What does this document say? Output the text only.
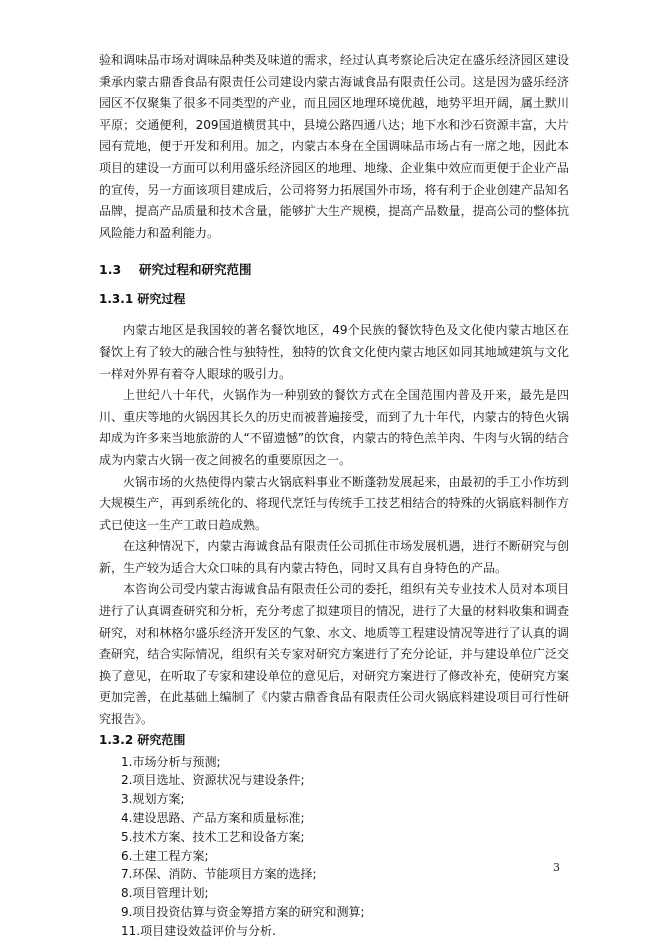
验和调味品市场对调味品种类及味道的需求，经过认真考察论后决定在盛乐经济园区建设秉承内蒙古鼎香食品有限责任公司建设内蒙古海诚食品有限责任公司。这是因为盛乐经济园区不仅聚集了很多不同类型的产业，而且园区地理环境优越，地势平坦开阔，属土默川平原；交通便利，209国道横贯其中，县境公路四通八达；地下水和沙石资源丰富，大片园有荒地，便于开发和利用。加之，内蒙古本身在全国调味品市场占有一席之地，因此本项目的建设一方面可以利用盛乐经济园区的地理、地缘、企业集中效应而更便于企业产品的宣传，另一方面该项目建成后，公司将努力拓展国外市场，将有利于企业创建产品知名品牌，提高产品质量和技术含量，能够扩大生产规模，提高产品数量，提高公司的整体抗风险能力和盈利能力。

1.3 研究过程和研究范围
1.3.1 研究过程

内蒙古地区是我国较的著名餐饮地区，49个民族的餐饮特色及文化使内蒙古地区在餐饮上有了较大的融合性与独特性，独特的饮食文化使内蒙古地区如同其地域建筑与文化一样对外界有着夺人眼球的吸引力。

上世纪八十年代，火锅作为一种别致的餐饮方式在全国范围内普及开来，最先是四川、重庆等地的火锅因其长久的历史而被普遍接受，而到了九十年代，内蒙古的特色火锅却成为许多来当地旅游的人“不留遗憾”的饮食，内蒙古的特色羔羊肉、牛肉与火锅的结合成为内蒙古火锅一夜之间被名的重要原因之一。

火锅市场的火热使得内蒙古火锅底料事业不断蓬勃发展起来，由最初的手工小作坊到大规模生产，再到系统化的、将现代烹饪与传统手工技艺相结合的特殊的火锅底料制作方式已使这一生产工敢日趋成熟。

在这种情况下，内蒙古海诚食品有限责任公司抓住市场发展机遇，进行不断研究与创新，生产较为适合大众口味的具有内蒙古特色，同时又具有自身特色的产品。

本咨询公司受内蒙古海诚食品有限责任公司的委托，组织有关专业技术人员对本项目进行了认真调查研究和分析，充分考虑了拟建项目的情况，进行了大量的材料收集和调查研究，对和林格尔盛乐经济开发区的气象、水文、地质等工程建设情况等进行了认真的调查研究，结合实际情况，组织有关专家对研究方案进行了充分论证，并与建设单位广泛交换了意见，在听取了专家和建设单位的意见后，对研究方案进行了修改补充，使研究方案更加完善，在此基础上编制了《内蒙古鼎香食品有限责任公司火锅底料建设项目可行性研究报告》。

1.3.2 研究范围
1.市场分析与预测;
2.项目选址、资源状况与建设条件;
3.规划方案;
4.建设思路、产品方案和质量标准;
5.技术方案、技术工艺和设备方案;
6.土建工程方案;
7.环保、消防、节能项目方案的选择;
8.项目管理计划;
9.项目投资估算与资金筹措方案的研究和测算;
11.项目建设效益评价与分析.
3
